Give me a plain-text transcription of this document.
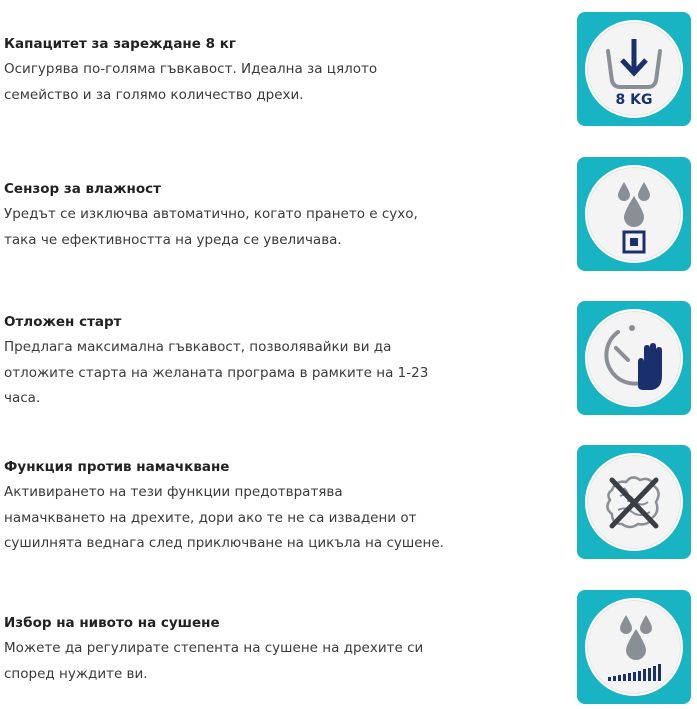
Капацитет за зареждане 8 кг
Осигурява по-голяма гъвкавост. Идеална за цялото
семейство и за голямо количество дрехи.	8 KG
Сензор за влажност
Уредът се изключва автоматично, когато прането е сухо,
така че ефективността на уреда се увеличава.
Отложен старт
Предлага максимална гъвкавост, позволявайки ви да
отложите старта на желаната програма в рамките на 1-23
часа.
Функция против намачкване
Активирането на тези функции предотвратява
намачкването на дрехите, дори ако те не са извадени от
сушилнята веднага след приключване на цикъла на сушене.
Избор на нивото на сушене
Можете да регулирате степента на сушене на дрехите си
според нуждите ви.
